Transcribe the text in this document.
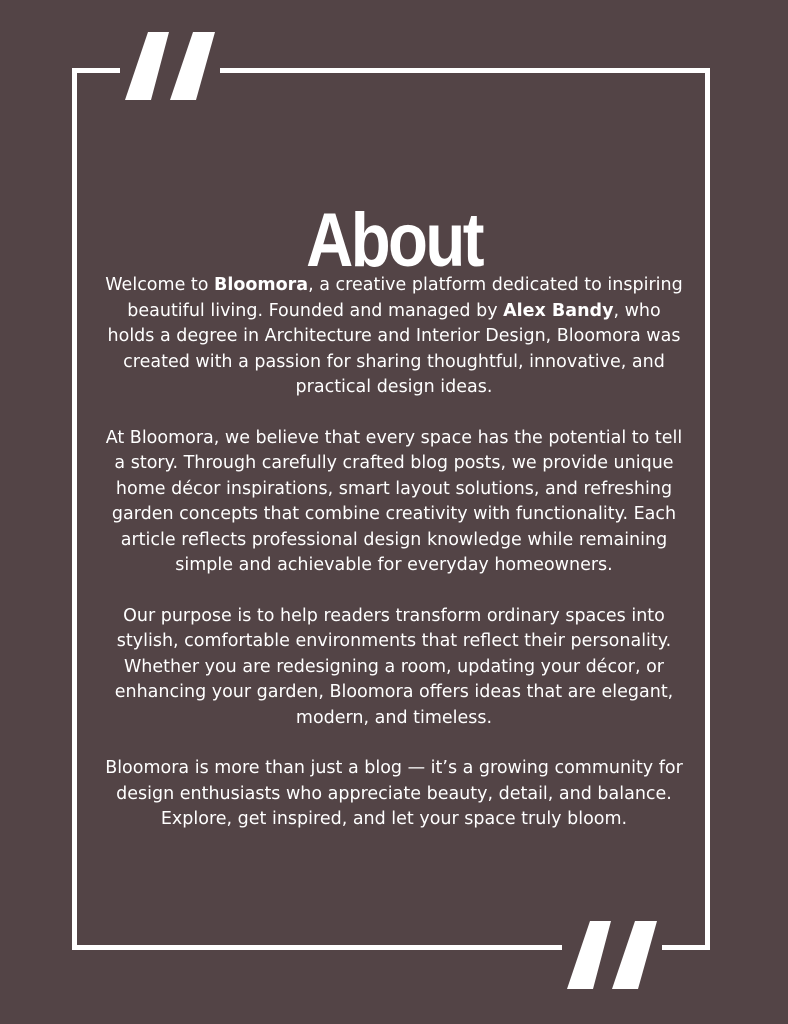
About

Welcome to Bloomora, a creative platform dedicated to inspiring beautiful living. Founded and managed by Alex Bandy, who holds a degree in Architecture and Interior Design, Bloomora was created with a passion for sharing thoughtful, innovative, and practical design ideas.

At Bloomora, we believe that every space has the potential to tell a story. Through carefully crafted blog posts, we provide unique home décor inspirations, smart layout solutions, and refreshing garden concepts that combine creativity with functionality. Each article reflects professional design knowledge while remaining simple and achievable for everyday homeowners.

Our purpose is to help readers transform ordinary spaces into stylish, comfortable environments that reflect their personality. Whether you are redesigning a room, updating your décor, or enhancing your garden, Bloomora offers ideas that are elegant, modern, and timeless.

Bloomora is more than just a blog — it’s a growing community for design enthusiasts who appreciate beauty, detail, and balance. Explore, get inspired, and let your space truly bloom.
